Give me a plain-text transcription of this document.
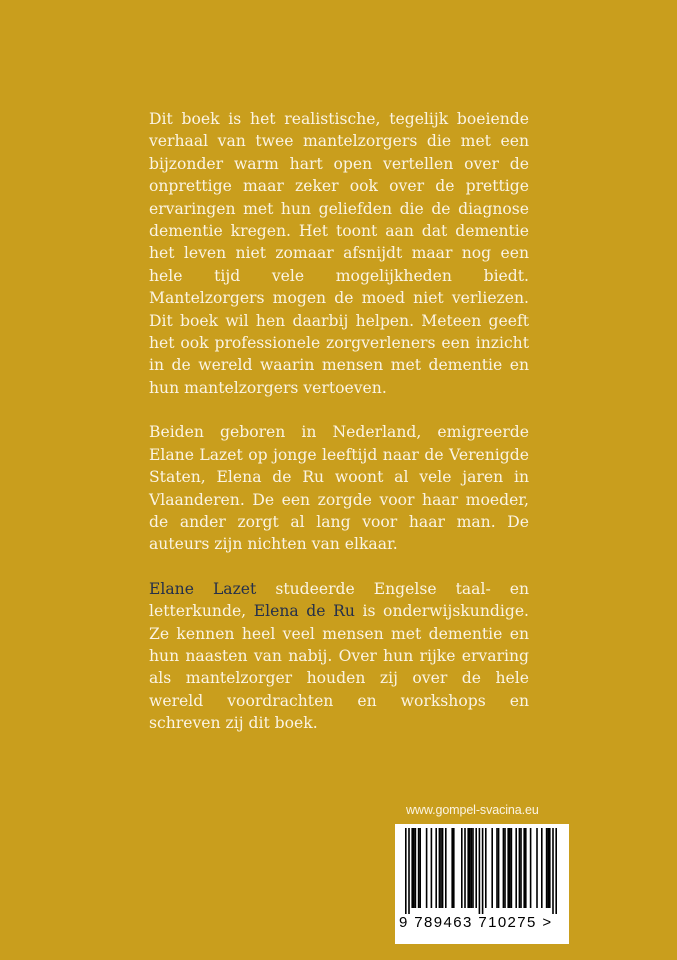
Dit boek is het realistische, tegelijk boeiende verhaal van twee mantelzorgers die met een bijzonder warm hart open vertellen over de onprettige maar zeker ook over de prettige ervaringen met hun geliefden die de diagnose dementie kregen. Het toont aan dat dementie het leven niet zomaar afsnijdt maar nog een hele tijd vele mogelijkheden biedt. Mantelzorgers mogen de moed niet verliezen. Dit boek wil hen daarbij helpen. Meteen geeft het ook professionele zorgverleners een inzicht in de wereld waarin mensen met dementie en hun mantelzorgers vertoeven.

Beiden geboren in Nederland, emigreerde Elane Lazet op jonge leeftijd naar de Verenigde Staten, Elena de Ru woont al vele jaren in Vlaanderen. De een zorgde voor haar moeder, de ander zorgt al lang voor haar man. De auteurs zijn nichten van elkaar.

Elane Lazet studeerde Engelse taal- en letterkunde, Elena de Ru is onderwijskundige. Ze kennen heel veel mensen met dementie en hun naasten van nabij. Over hun rijke ervaring als mantelzorger houden zij over de hele wereld voordrachten en workshops en schreven zij dit boek.

www.gompel-svacina.eu
9 789463 710275 >
